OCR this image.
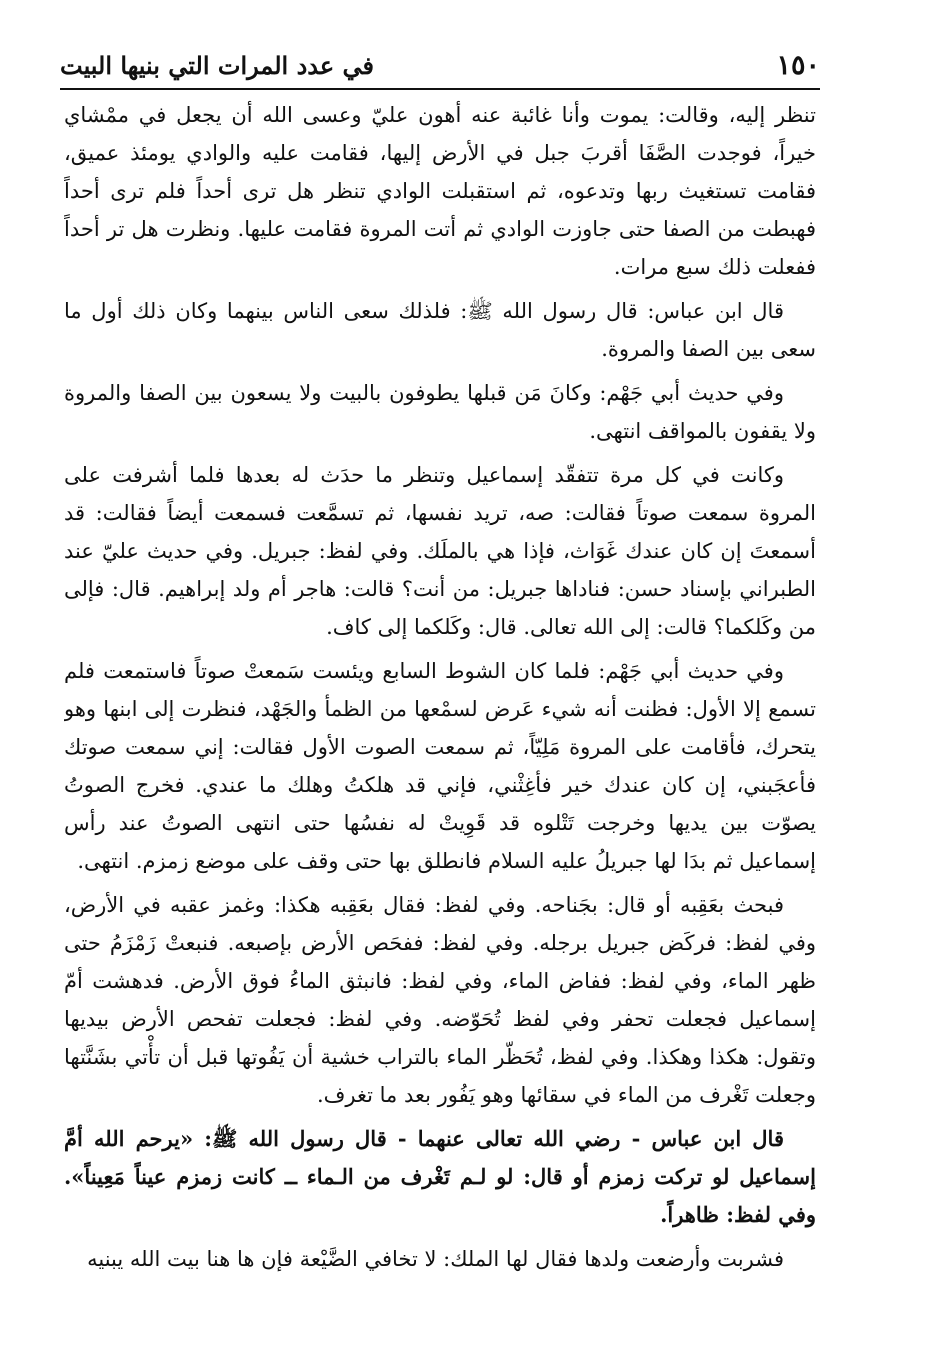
١٥٠
في عدد المرات التي بنيها البيت

تنظر إليه، وقالت: يموت وأنا غائبة عنه أهون عليّ وعسى الله أن يجعل في ممْشاي خيراً، فوجدت الصَّفَا أقربَ جبل في الأرض إليها، فقامت عليه والوادي يومئذ عميق، فقامت تستغيث ربها وتدعوه، ثم استقبلت الوادي تنظر هل ترى أحداً فلم ترى أحداً فهبطت من الصفا حتى جاوزت الوادي ثم أتت المروة فقامت عليها. ونظرت هل تر أحداً ففعلت ذلك سبع مرات.

قال ابن عباس: قال رسول الله ﷺ: فلذلك سعى الناس بينهما وكان ذلك أول ما سعى بين الصفا والمروة.

وفي حديث أبي جَهْم: وكانَ مَن قبلها يطوفون بالبيت ولا يسعون بين الصفا والمروة ولا يقفون بالمواقف انتهى.

وكانت في كل مرة تتفقّد إسماعيل وتنظر ما حدَث له بعدها فلما أشرفت على المروة سمعت صوتاً فقالت: صه، تريد نفسها، ثم تسمَّعت فسمعت أيضاً فقالت: قد أسمعتَ إن كان عندك غَوَاث، فإذا هي بالملَك. وفي لفظ: جبريل. وفي حديث عليّ عند الطبراني بإسناد حسن: فناداها جبريل: من أنت؟ قالت: هاجر أم ولد إبراهيم. قال: فإلى من وكَلكما؟ قالت: إلى الله تعالى. قال: وكَلكما إلى كاف.

وفي حديث أبي جَهْم: فلما كان الشوط السابع ويئست سَمعتْ صوتاً فاستمعت فلم تسمع إلا الأول: فظنت أنه شيء عَرض لسمْعها من الظمأ والجَهْد، فنظرت إلى ابنها وهو يتحرك، فأقامت على المروة مَلِيّاً، ثم سمعت الصوت الأول فقالت: إني سمعت صوتك فأعجَبني، إن كان عندك خير فأغِثْني، فإني قد هلكتُ وهلك ما عندي. فخرج الصوتُ يصوّت بين يديها وخرجت تَتْلوه قد قَوِيتْ له نفسُها حتى انتهى الصوتُ عند رأس إسماعيل ثم بدَا لها جبريلُ عليه السلام فانطلق بها حتى وقف على موضع زمزم. انتهى.

فبحث بعَقِبه أو قال: بجَناحه. وفي لفظ: فقال بعَقِبه هكذا: وغمز عقبه في الأرض، وفي لفظ: فركَض جبريل برجله. وفي لفظ: ففحَص الأرض بإصبعه. فنبعتْ زَمْزَمُ حتى ظهر الماء، وفي لفظ: ففاض الماء، وفي لفظ: فانبثق الماءُ فوق الأرض. فدهشت أمّ إسماعيل فجعلت تحفر وفي لفظ تُحَوّضه. وفي لفظ: فجعلت تفحص الأرض بيديها وتقول: هكذا وهكذا. وفي لفظ، تُحَظّر الماء بالتراب خشية أن يَفُوتها قبل أن تأْتي بشَنَّتها وجعلت تَغْرف من الماء في سقائها وهو يَفُور بعد ما تغرف.

قال ابن عباس - رضي الله تعالى عنهما - قال رسول الله ﷺ: «يرحم الله أمَّ إسماعيل لو تركت زمزم أو قال: لو لـم تَغْرف من الـماء ــ كانت زمزم عيناً مَعِيناً». وفي لفظ: ظاهراً.

فشربت وأرضعت ولدها فقال لها الملك: لا تخافي الضَّيْعة فإن ها هنا بيت الله يبنيه
